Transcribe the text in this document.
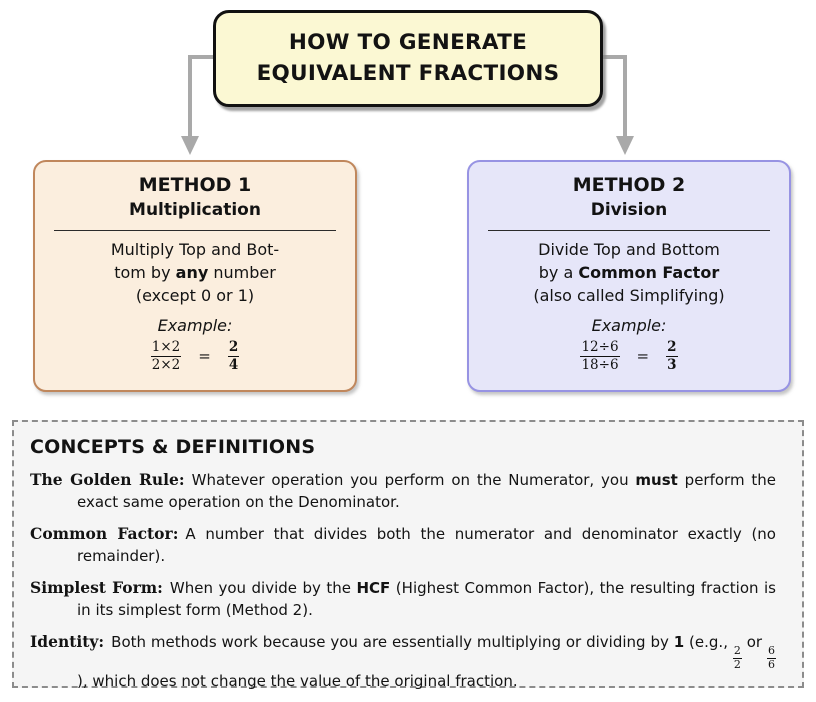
HOW TO GENERATE
EQUIVALENT FRACTIONS
METHOD 1
Multiplication
Multiply Top and Bot-
tom by any number
(except 0 or 1)
Example:
$\frac{1\times 2}{2\times 2} = \frac{2}{4}$
METHOD 2
Division
Divide Top and Bottom
by a Common Factor
(also called Simplifying)
Example:
$\frac{12\div 6}{18\div 6} = \frac{2}{3}$
CONCEPTS & DEFINITIONS

The Golden Rule: Whatever operation you perform on the Numerator, you must perform the exact same operation on the Denominator.

Common Factor: A number that divides both the numerator and denominator exactly (no remainder).

Simplest Form: When you divide by the HCF (Highest Common Factor), the resulting fraction is in its simplest form (Method 2).

Identity: Both methods work because you are essentially multiplying or dividing by 1 (e.g.,
$\frac{2}{2}$
or
$\frac{6}{6}$
), which does not change the value of the original fraction.
